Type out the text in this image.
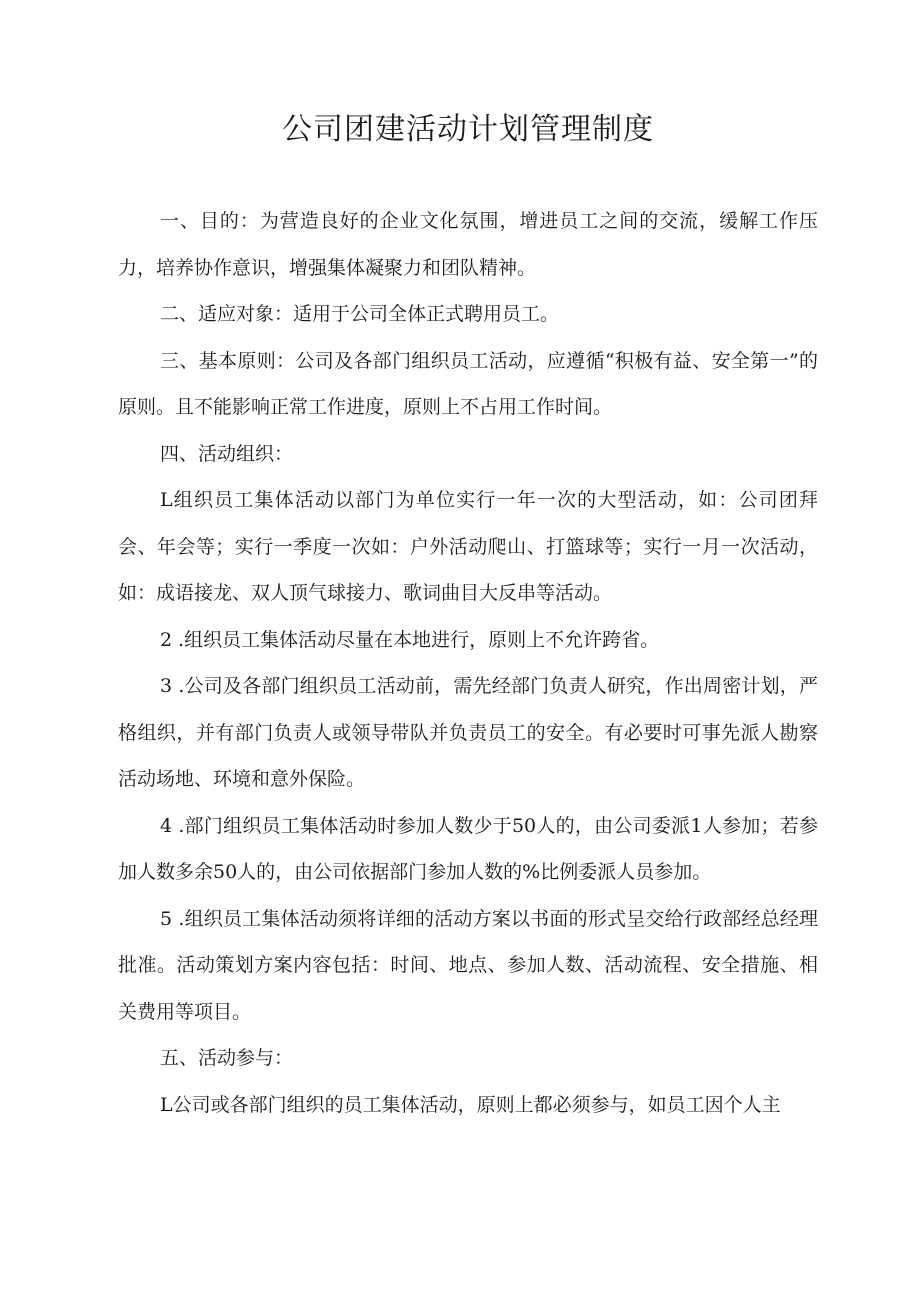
公司团建活动计划管理制度

一、目的：为营造良好的企业文化氛围，增进员工之间的交流，缓解工作压力，培养协作意识，增强集体凝聚力和团队精神。

二、适应对象：适用于公司全体正式聘用员工。

三、基本原则：公司及各部门组织员工活动，应遵循“积极有益、安全第一”的原则。且不能影响正常工作进度，原则上不占用工作时间。

四、活动组织：

L组织员工集体活动以部门为单位实行一年一次的大型活动，如：公司团拜会、年会等；实行一季度一次如：户外活动爬山、打篮球等；实行一月一次活动，如：成语接龙、双人顶气球接力、歌词曲目大反串等活动。

2 .组织员工集体活动尽量在本地进行，原则上不允许跨省。

3 .公司及各部门组织员工活动前，需先经部门负责人研究，作出周密计划，严格组织，并有部门负责人或领导带队并负责员工的安全。有必要时可事先派人勘察活动场地、环境和意外保险。

4 .部门组织员工集体活动时参加人数少于50人的，由公司委派1人参加；若参加人数多余50人的，由公司依据部门参加人数的%比例委派人员参加。

5 .组织员工集体活动须将详细的活动方案以书面的形式呈交给行政部经总经理批准。活动策划方案内容包括：时间、地点、参加人数、活动流程、安全措施、相关费用等项目。

五、活动参与：

L公司或各部门组织的员工集体活动，原则上都必须参与，如员工因个人主
